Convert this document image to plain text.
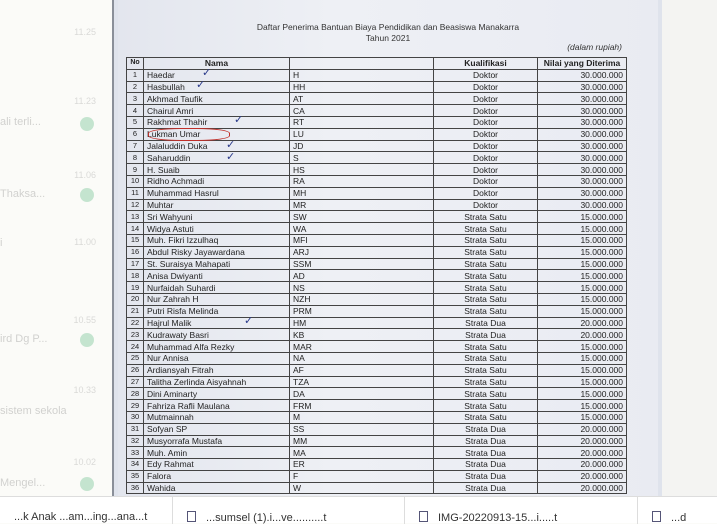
11.25
11.23
ali terli...
11.06
Thaksa...
11.00
i
10.55
ird Dg P...
10.33
sistem sekola
10.02
Mengel...
Daftar Penerima Bantuan Biaya Pendidikan dan Beasiswa Manakarra
Tahun 2021
(dalam rupiah)
No	Nama		Kualifikasi	Nilai yang Diterima
1	Haedar	H	Doktor	30.000.000
2	Hasbullah	HH	Doktor	30.000.000
3	Akhmad Taufik	AT	Doktor	30.000.000
4	Chairul Amri	CA	Doktor	30.000.000
5	Rakhmat Thahir	RT	Doktor	30.000.000
6	Lukman Umar	LU	Doktor	30.000.000
7	Jalaluddin Duka	JD	Doktor	30.000.000
8	Saharuddin	S	Doktor	30.000.000
9	H. Suaib	HS	Doktor	30.000.000
10	Ridho Achmadi	RA	Doktor	30.000.000
11	Muhammad Hasrul	MH	Doktor	30.000.000
12	Muhtar	MR	Doktor	30.000.000
13	Sri Wahyuni	SW	Strata Satu	15.000.000
14	Widya Astuti	WA	Strata Satu	15.000.000
15	Muh. Fikri Izzulhaq	MFI	Strata Satu	15.000.000
16	Abdul Risky Jayawardana	ARJ	Strata Satu	15.000.000
17	St. Suraisya Mahapati	SSM	Strata Satu	15.000.000
18	Anisa Dwiyanti	AD	Strata Satu	15.000.000
19	Nurfaidah Suhardi	NS	Strata Satu	15.000.000
20	Nur Zahrah H	NZH	Strata Satu	15.000.000
21	Putri Risfa Melinda	PRM	Strata Satu	15.000.000
22	Hajrul Malik	HM	Strata Dua	20.000.000
23	Kudrawaty Basri	KB	Strata Dua	20.000.000
24	Muhammad Alfa Rezky	MAR	Strata Satu	15.000.000
25	Nur Annisa	NA	Strata Satu	15.000.000
26	Ardiansyah Fitrah	AF	Strata Satu	15.000.000
27	Talitha Zerlinda Aisyahnah	TZA	Strata Satu	15.000.000
28	Dini Aminarty	DA	Strata Satu	15.000.000
29	Fahriza Rafli Maulana	FRM	Strata Satu	15.000.000
30	Mutmainnah	M	Strata Satu	15.000.000
31	Sofyan SP	SS	Strata Dua	20.000.000
32	Musyorrafa Mustafa	MM	Strata Dua	20.000.000
33	Muh. Amin	MA	Strata Dua	20.000.000
34	Edy Rahmat	ER	Strata Dua	20.000.000
35	Falora	F	Strata Dua	20.000.000
36	Wahida	W	Strata Dua	20.000.000
✓
✓
✓
✓
✓
✓
...k Anak ...am...ing...ana...t	...sumsel (1).i...ve..........t	IMG-20220913-15...i.....t	...d
